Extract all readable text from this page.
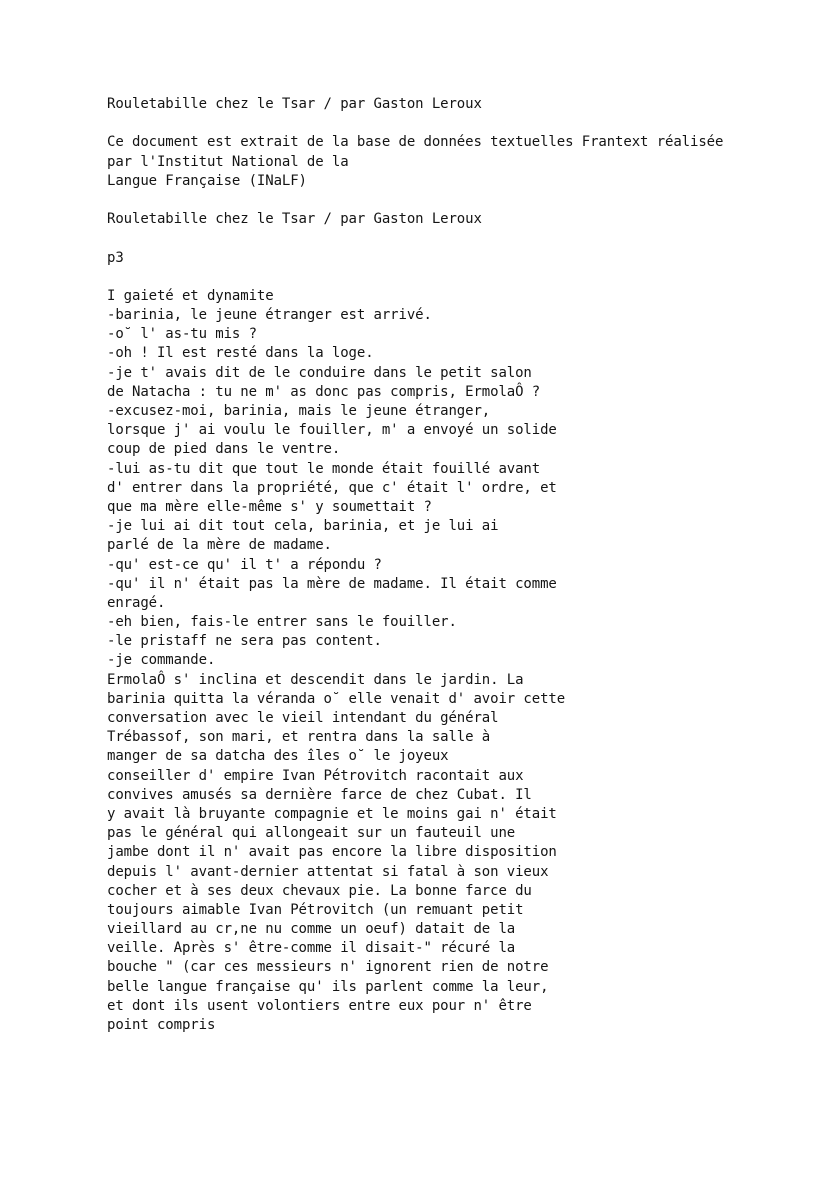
Rouletabille chez le Tsar / par Gaston Leroux

Ce document est extrait de la base de données textuelles Frantext réalisée
par l'Institut National de la
Langue Française (INaLF)

Rouletabille chez le Tsar / par Gaston Leroux

p3

I gaieté et dynamite
-barinia, le jeune étranger est arrivé.
-o˘ l' as-tu mis ?
-oh ! Il est resté dans la loge.
-je t' avais dit de le conduire dans le petit salon
de Natacha : tu ne m' as donc pas compris, ErmolaÔ ?
-excusez-moi, barinia, mais le jeune étranger,
lorsque j' ai voulu le fouiller, m' a envoyé un solide
coup de pied dans le ventre.
-lui as-tu dit que tout le monde était fouillé avant
d' entrer dans la propriété, que c' était l' ordre, et
que ma mère elle-même s' y soumettait ?
-je lui ai dit tout cela, barinia, et je lui ai
parlé de la mère de madame.
-qu' est-ce qu' il t' a répondu ?
-qu' il n' était pas la mère de madame. Il était comme
enragé.
-eh bien, fais-le entrer sans le fouiller.
-le pristaff ne sera pas content.
-je commande.
ErmolaÔ s' inclina et descendit dans le jardin. La
barinia quitta la véranda o˘ elle venait d' avoir cette
conversation avec le vieil intendant du général
Trébassof, son mari, et rentra dans la salle à
manger de sa datcha des îles o˘ le joyeux
conseiller d' empire Ivan Pétrovitch racontait aux
convives amusés sa dernière farce de chez Cubat. Il
y avait là bruyante compagnie et le moins gai n' était
pas le général qui allongeait sur un fauteuil une
jambe dont il n' avait pas encore la libre disposition
depuis l' avant-dernier attentat si fatal à son vieux
cocher et à ses deux chevaux pie. La bonne farce du
toujours aimable Ivan Pétrovitch (un remuant petit
vieillard au cr,ne nu comme un oeuf) datait de la
veille. Après s' être-comme il disait-" récuré la
bouche " (car ces messieurs n' ignorent rien de notre
belle langue française qu' ils parlent comme la leur,
et dont ils usent volontiers entre eux pour n' être
point compris
